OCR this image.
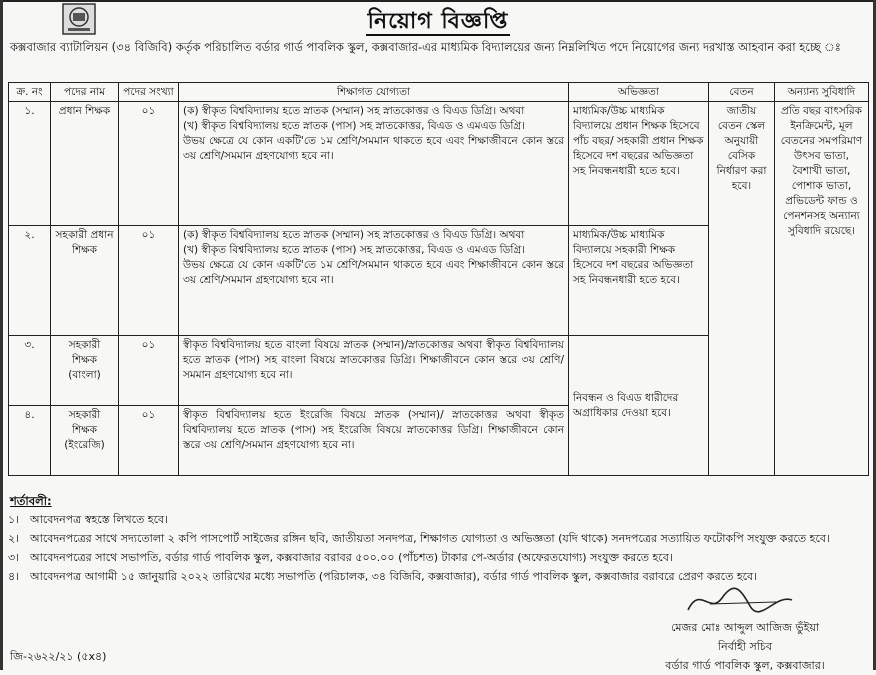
নিয়োগ বিজ্ঞপ্তি
কক্সবাজার ব্যাটালিয়ন (৩৪ বিজিবি) কর্তৃক পরিচালিত বর্ডার গার্ড পাবলিক স্কুল, কক্সবাজার-এর মাধ্যমিক বিদ্যালয়ের জন্য নিম্নলিখিত পদে নিয়োগের জন্য দরখাস্ত আহবান করা হচ্ছে ঃ
ক্র. নং	পদের নাম	পদের সংখ্যা	শিক্ষাগত যোগ্যতা	অভিজ্ঞতা	বেতন	অন্যান্য সুবিধাদি
১.	প্রধান শিক্ষক	০১	(ক) স্বীকৃত বিশ্ববিদ্যালয় হতে স্নাতক (সম্মান) সহ স্নাতকোত্তর ও বিএড ডিগ্রি। অথবা
(খ) স্বীকৃত বিশ্ববিদ্যালয় হতে স্নাতক (পাস) সহ স্নাতকোত্তর, বিএড ও এমএড ডিগ্রি।
উভয় ক্ষেত্রে যে কোন একটি'তে ১ম শ্রেণি/সমমান থাকতে হবে এবং শিক্ষাজীবনে কোন স্তরে ৩য় শ্রেণি/সমমান গ্রহণযোগ্য হবে না।	মাধ্যমিক/উচ্চ মাধ্যমিক বিদ্যালয়ে প্রধান শিক্ষক হিসেবে পাঁচ বছর/ সহকারী প্রধান শিক্ষক হিসেবে দশ বছরের অভিজ্ঞতা সহ নিবন্ধনধারী হতে হবে।	জাতীয় বেতন স্কেল অনুযায়ী বেসিক নির্ধারণ করা হবে।	প্রতি বছর বাৎসরিক ইনক্রিমেন্ট, মূল বেতনের সমপরিমাণ উৎসব ভাতা, বৈশাখী ভাতা, পোশাক ভাতা, প্রভিডেন্ট ফান্ড ও পেনশনসহ অন্যান্য সুবিধাদি রয়েছে।
২.	সহকারী প্রধান শিক্ষক	০১	(ক) স্বীকৃত বিশ্ববিদ্যালয় হতে স্নাতক (সম্মান) সহ স্নাতকোত্তর ও বিএড ডিগ্রি। অথবা
(খ) স্বীকৃত বিশ্ববিদ্যালয় হতে স্নাতক (পাস) সহ স্নাতকোত্তর, বিএড ও এমএড ডিগ্রি।
উভয় ক্ষেত্রে যে কোন একটি'তে ১ম শ্রেণি/সমমান থাকতে হবে এবং শিক্ষাজীবনে কোন স্তরে ৩য় শ্রেণি/সমমান গ্রহণযোগ্য হবে না।	মাধ্যমিক/উচ্চ মাধ্যমিক বিদ্যালয়ে সহকারী শিক্ষক হিসেবে দশ বছরের অভিজ্ঞতা সহ নিবন্ধনধারী হতে হবে।		
৩.	সহকারী শিক্ষক (বাংলা)	০১	স্বীকৃত বিশ্ববিদ্যালয় হতে বাংলা বিষয়ে স্নাতক (সম্মান)/স্নাতকোত্তর অথবা স্বীকৃত বিশ্ববিদ্যালয় হতে স্নাতক (পাস) সহ বাংলা বিষয়ে স্নাতকোত্তর ডিগ্রি। শিক্ষাজীবনে কোন স্তরে ৩য় শ্রেণি/সমমান গ্রহণযোগ্য হবে না।	নিবন্ধন ও বিএড ধারীদের অগ্রাধিকার দেওয়া হবে।		
৪.	সহকারী শিক্ষক (ইংরেজি)	০১	স্বীকৃত বিশ্ববিদ্যালয় হতে ইংরেজি বিষয়ে স্নাতক (সম্মান)/ স্নাতকোত্তর অথবা স্বীকৃত বিশ্ববিদ্যালয় হতে স্নাতক (পাস) সহ ইংরেজি বিষয়ে স্নাতকোত্তর ডিগ্রি। শিক্ষাজীবনে কোন স্তরে ৩য় শ্রেণি/সমমান গ্রহণযোগ্য হবে না।			
শর্তাবলী:
১। আবেদনপত্র স্বহস্তে লিখতে হবে।
২। আবেদনপত্রের সাথে সদ্যতোলা ২ কপি পাসপোর্ট সাইজের রঙ্গিন ছবি, জাতীয়তা সনদপত্র, শিক্ষাগত যোগ্যতা ও অভিজ্ঞতা (যদি থাকে) সনদপত্রের সত্যায়িত ফটোকপি সংযুক্ত করতে হবে।
৩। আবেদনপত্রের সাথে সভাপতি, বর্ডার গার্ড পাবলিক স্কুল, কক্সবাজার বরাবর ৫০০.০০ (পাঁচশত) টাকার পে-অর্ডার (অফেরতযোগ্য) সংযুক্ত করতে হবে।
৪। আবেদনপত্র আগামী ১৫ জানুয়ারি ২০২২ তারিখের মধ্যে সভাপতি (পরিচালক, ৩৪ বিজিবি, কক্সবাজার), বর্ডার গার্ড পাবলিক স্কুল, কক্সবাজার বরাবরে প্রেরণ করতে হবে।
মেজর মোঃ আব্দুল আজিজ ভুঁইয়া
নির্বাহী সচিব
বর্ডার গার্ড পাবলিক স্কুল, কক্সবাজার।
জি-২৬২২/২১ (৫x৪)
